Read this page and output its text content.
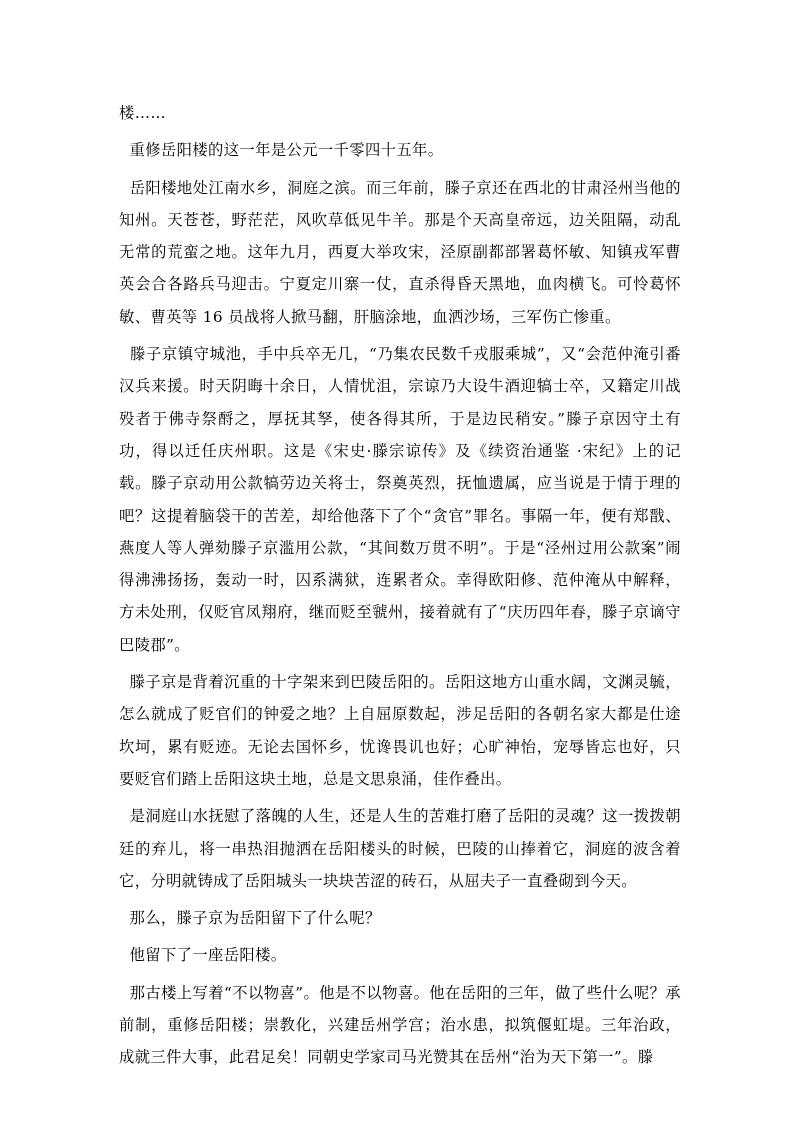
楼……

重修岳阳楼的这一年是公元一千零四十五年。

岳阳楼地处江南水乡，洞庭之滨。而三年前，滕子京还在西北的甘肃泾州当他的知州。天苍苍，野茫茫，风吹草低见牛羊。那是个天高皇帝远，边关阻隔，动乱无常的荒蛮之地。这年九月，西夏大举攻宋，泾原副都部署葛怀敏、知镇戎军曹英会合各路兵马迎击。宁夏定川寨一仗，直杀得昏天黑地，血肉横飞。可怜葛怀敏、曹英等 16 员战将人掀马翻，肝脑涂地，血洒沙场，三军伤亡惨重。

滕子京镇守城池，手中兵卒无几，“乃集农民数千戎服乘城”，又“会范仲淹引番汉兵来援。时天阴晦十余日，人情忧沮，宗谅乃大设牛酒迎犒士卒，又籍定川战殁者于佛寺祭酹之，厚抚其孥，使各得其所，于是边民稍安。”滕子京因守土有功，得以迁任庆州职。这是《宋史·滕宗谅传》及《续资治通鉴 ·宋纪》上的记载。滕子京动用公款犒劳边关将士，祭奠英烈，抚恤遗属，应当说是于情于理的吧？这提着脑袋干的苦差，却给他落下了个“贪官”罪名。事隔一年，便有郑戬、燕度人等人弹劾滕子京滥用公款，“其间数万贯不明”。于是“泾州过用公款案”闹得沸沸扬扬，轰动一时，囚系满狱，连累者众。幸得欧阳修、范仲淹从中解释，方未处刑，仅贬官凤翔府，继而贬至虢州，接着就有了“庆历四年春，滕子京谪守巴陵郡”。

滕子京是背着沉重的十字架来到巴陵岳阳的。岳阳这地方山重水阔，文渊灵毓，怎么就成了贬官们的钟爱之地？上自屈原数起，涉足岳阳的各朝名家大都是仕途坎坷，累有贬迹。无论去国怀乡，忧谗畏讥也好；心旷神怡，宠辱皆忘也好，只要贬官们踏上岳阳这块土地，总是文思泉涌，佳作叠出。

是洞庭山水抚慰了落魄的人生，还是人生的苦难打磨了岳阳的灵魂？这一拨拨朝廷的弃儿，将一串热泪抛洒在岳阳楼头的时候，巴陵的山捧着它，洞庭的波含着它，分明就铸成了岳阳城头一块块苦涩的砖石，从屈夫子一直叠砌到今天。

那么，滕子京为岳阳留下了什么呢？

他留下了一座岳阳楼。

那古楼上写着“不以物喜”。他是不以物喜。他在岳阳的三年，做了些什么呢？承前制，重修岳阳楼；崇教化，兴建岳州学宫；治水患，拟筑偃虹堤。三年治政，成就三件大事，此君足矣！同朝史学家司马光赞其在岳州“治为天下第一”。滕
